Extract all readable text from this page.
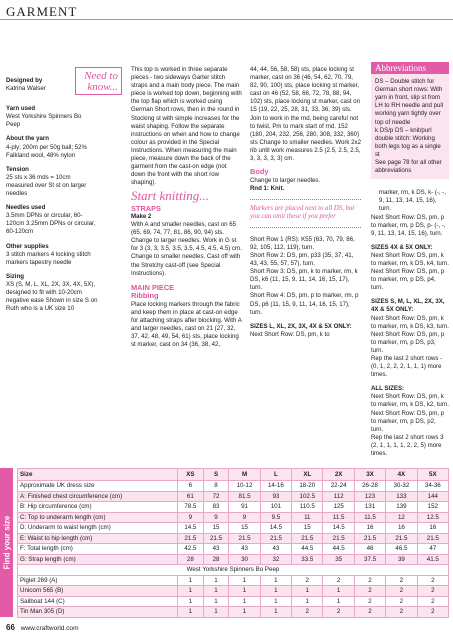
GARMENT
Need to
know...
Designed by
Katrina Walser
Yarn used
West Yorkshire Spinners Bo Peep
About the yarn
4-ply; 200m per 50g ball; 52% Falkland wool, 48% nylon
Tension
25 sts x 36 mds = 10cm measured over St st on larger needles
Needles used
3.5mm DPNs or circular, 60-120cm 3.25mm DPNs or circular, 60-120cm
Other supplies
3 stitch markers 4 locking stitch markers tapestry needle
Sizing
XS (S, M, L, XL, 2X, 3X, 4X, 5X), designed to fit with 10-20cm negative ease Shown in size S on Ruth who is a UK size 10
This top is worked in three separate pieces - two sideways Garter stitch straps and a main body piece. The main piece is worked top down, beginning with the top flap which is worked using German Short rows, then in the round in Stocking st with simple increases for the waist shaping. Follow the separate instructions on when and how to change colour as provided in the Special Instructions. When measuring the main piece, measure down the back of the garment from the cast-on edge (not down the front with the short row shaping).
Start knitting...
STRAPS
Make 2
With A and smaller needles, cast on 65 (65, 69, 74, 77, 81, 86, 90, 94) sts. Change to larger needles. Work in G st for 3 (3, 3, 3.5, 3.5, 3.5, 4.5, 4.5, 4.5) cm. Change to smaller needles. Cast off with the Stretchy cast-off (see Special Instructions).
MAIN PIECE
Ribbing
Place locking markers through the fabric and keep them in place at cast-on edge for attaching straps after blocking. With A and larger needles, cast on 21 (27, 32, 37, 42, 48, 49, 54, 61) sts, place locking st marker, cast on 34 (36, 38, 42,
44, 44, 56, 58, 58) sts, place locking st marker, cast on 36 (46, 54, 62, 70, 79, 82, 90, 100) sts, place locking st marker, cast on 46 (52, 58, 66, 72, 78, 88, 94, 102) sts, place locking st marker, cast on 15 (19, 22, 25, 28, 31, 33, 36, 39) sts. Join to work in the rnd, being careful not to twist. Pm to mark start of rnd. 152 (180, 204, 232, 256, 280, 308, 332, 360) sts Change to smaller needles. Work 2x2 rib until work measures 2.5 (2.5, 2.5, 2.5, 3, 3, 3, 3, 3) cm.
Body
Change to larger needles.
Rnd 1: Knit.
Markers are placed next to all DS, but you can omit these if you prefer
Short Row 1 (RS): K55 (63, 70, 79, 86, 92, 105, 112, 119), turn.
Short Row 2: DS, pm, p33 (35, 37, 41, 43, 43, 55, 57, 57), turn.
Short Row 3: DS, pm, k to marker, rm, k DS, k6 (11, 15, 9, 11, 14, 16, 15, 17), turn.
Short Row 4: DS, pm, p to marker, rm, p DS, p6 (11, 15, 9, 11, 14, 16, 15, 17), turn.
SIZES L, XL, 2X, 3X, 4X & 5X ONLY:
Next Short Row: DS, pm, k to
Abbreviations
DS – Double stitch for German short rows: With yarn in front, slip st from LH to RH needle and pull working yarn tightly over top of needle
k DS/p DS – knit/purl double stitch: Working both legs tog as a single st
See page 78 for all other abbreviations
marker, rm, k DS, k- (-, -, 9, 11, 13, 14, 15, 16), turn.
Next Short Row: DS, pm, p to marker, rm, p DS, p- (-, -, 9, 11, 13, 14, 15, 16), turn.
SIZES 4X & 5X ONLY:
Next Short Row: DS, pm, k to marker, rm, k DS, k4, turn.
Next Short Row: DS, pm, p to marker, rm, p DS, p4, turn.
SIZES S, M, L, XL, 2X, 3X, 4X & 5X ONLY:
Next Short Row: DS, pm, k to marker, rm, k DS, k3, turn.
Next Short Row: DS, pm, p to marker, rm, p DS, p3, turn.
Rep the last 2 short rows - (0, 1, 2, 2, 2, 1, 1, 1) more times.
ALL SIZES:
Next Short Row: DS, pm, k to marker, rm, k DS, k2, turn.
Next Short Row: DS, pm, p to marker, rm, p DS, p2, turn.
Rep the last 2 short rows 3 (2, 1, 1, 1, 1, 2, 2, 5) more times.
Find your size
Size	XS	S	M	L	XL	2X	3X	4X	5X
Approximate UK dress size	6	8	10-12	14-16	18-20	22-24	26-28	30-32	34-36
A: Finished chest circumference (cm)	61	72	81.5	93	102.5	112	123	133	144
B: Hip circumference (cm)	78.5	83	91	101	110.5	125	131	139	152
C: Top to underarm length (cm)	9	9	9	9.5	11	11.5	11.5	12	12.5
D: Underarm to waist length (cm)	14.5	15	15	14.5	15	14.5	16	16	16
E: Waist to hip length (cm)	21.5	21.5	21.5	21.5	21.5	21.5	21.5	21.5	21.5
F: Total length (cm)	42.5	43	43	43	44.5	44.5	46	46.5	47
G: Strap length (cm)	28	28	30	32	33.5	35	37.5	39	41.5
West Yorkshire Spinners Bo Peep									
Piglet 269 (A)	1	1	1	1	2	2	2	2	2
Unicorn 565 (B)	1	1	1	1	1	1	2	2	2
Sailboat 144 (C)	1	1	1	1	1	1	2	2	2
Tin Man 305 (D)	1	1	1	1	2	2	2	2	2
66 www.craftworld.com
